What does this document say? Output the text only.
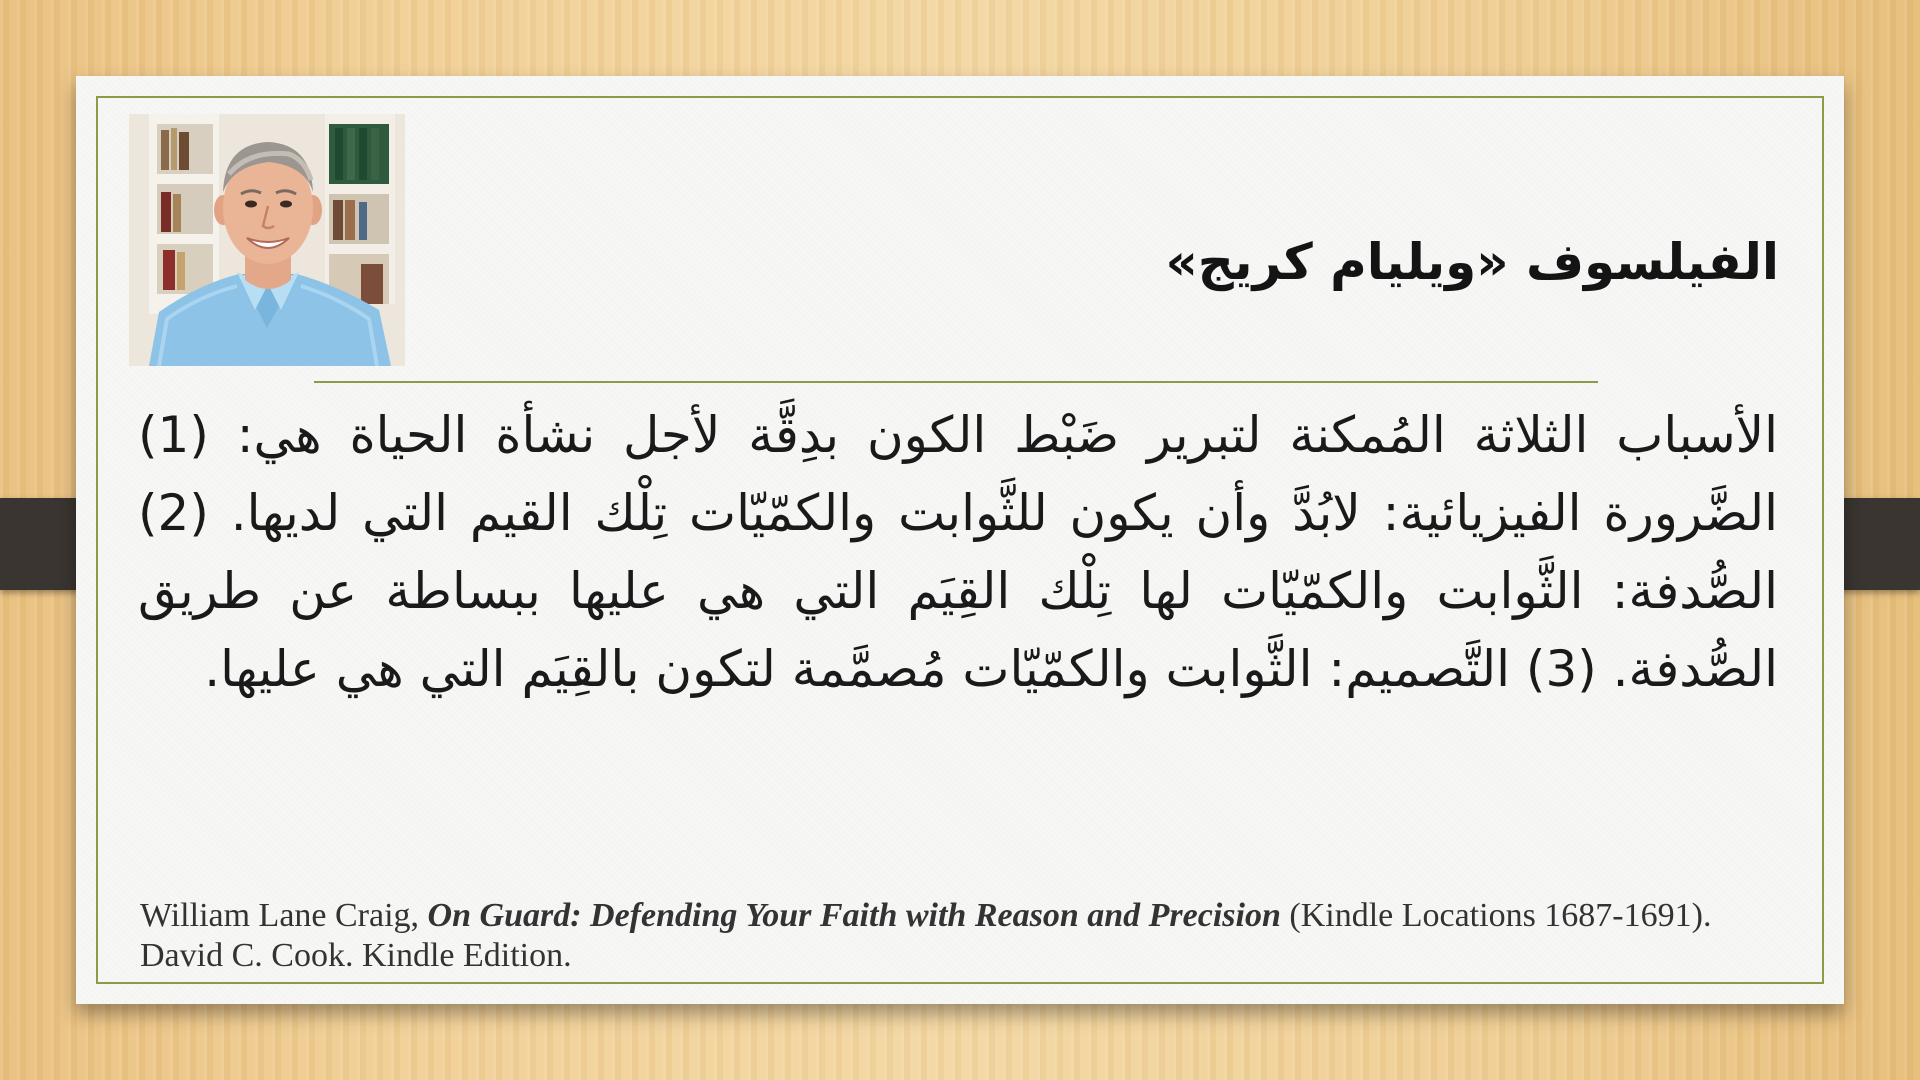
الفيلسوف «ويليام كريج»

الأسباب الثلاثة المُمكنة لتبرير ضَبْط الكون بدِقَّة لأجل نشأة الحياة هي: (1) الضَّرورة الفيزيائية: لابُدَّ وأن يكون للثَّوابت والكمّيّات تِلْك القيم التي لديها. (2) الصُّدفة: الثَّوابت والكمّيّات لها تِلْك القِيَم التي هي عليها ببساطة عن طريق الصُّدفة. (3) التَّصميم: الثَّوابت والكمّيّات مُصمَّمة لتكون بالقِيَم التي هي عليها.

William Lane Craig, On Guard: Defending Your Faith with Reason and Precision (Kindle Locations 1687-1691). David C. Cook. Kindle Edition.
